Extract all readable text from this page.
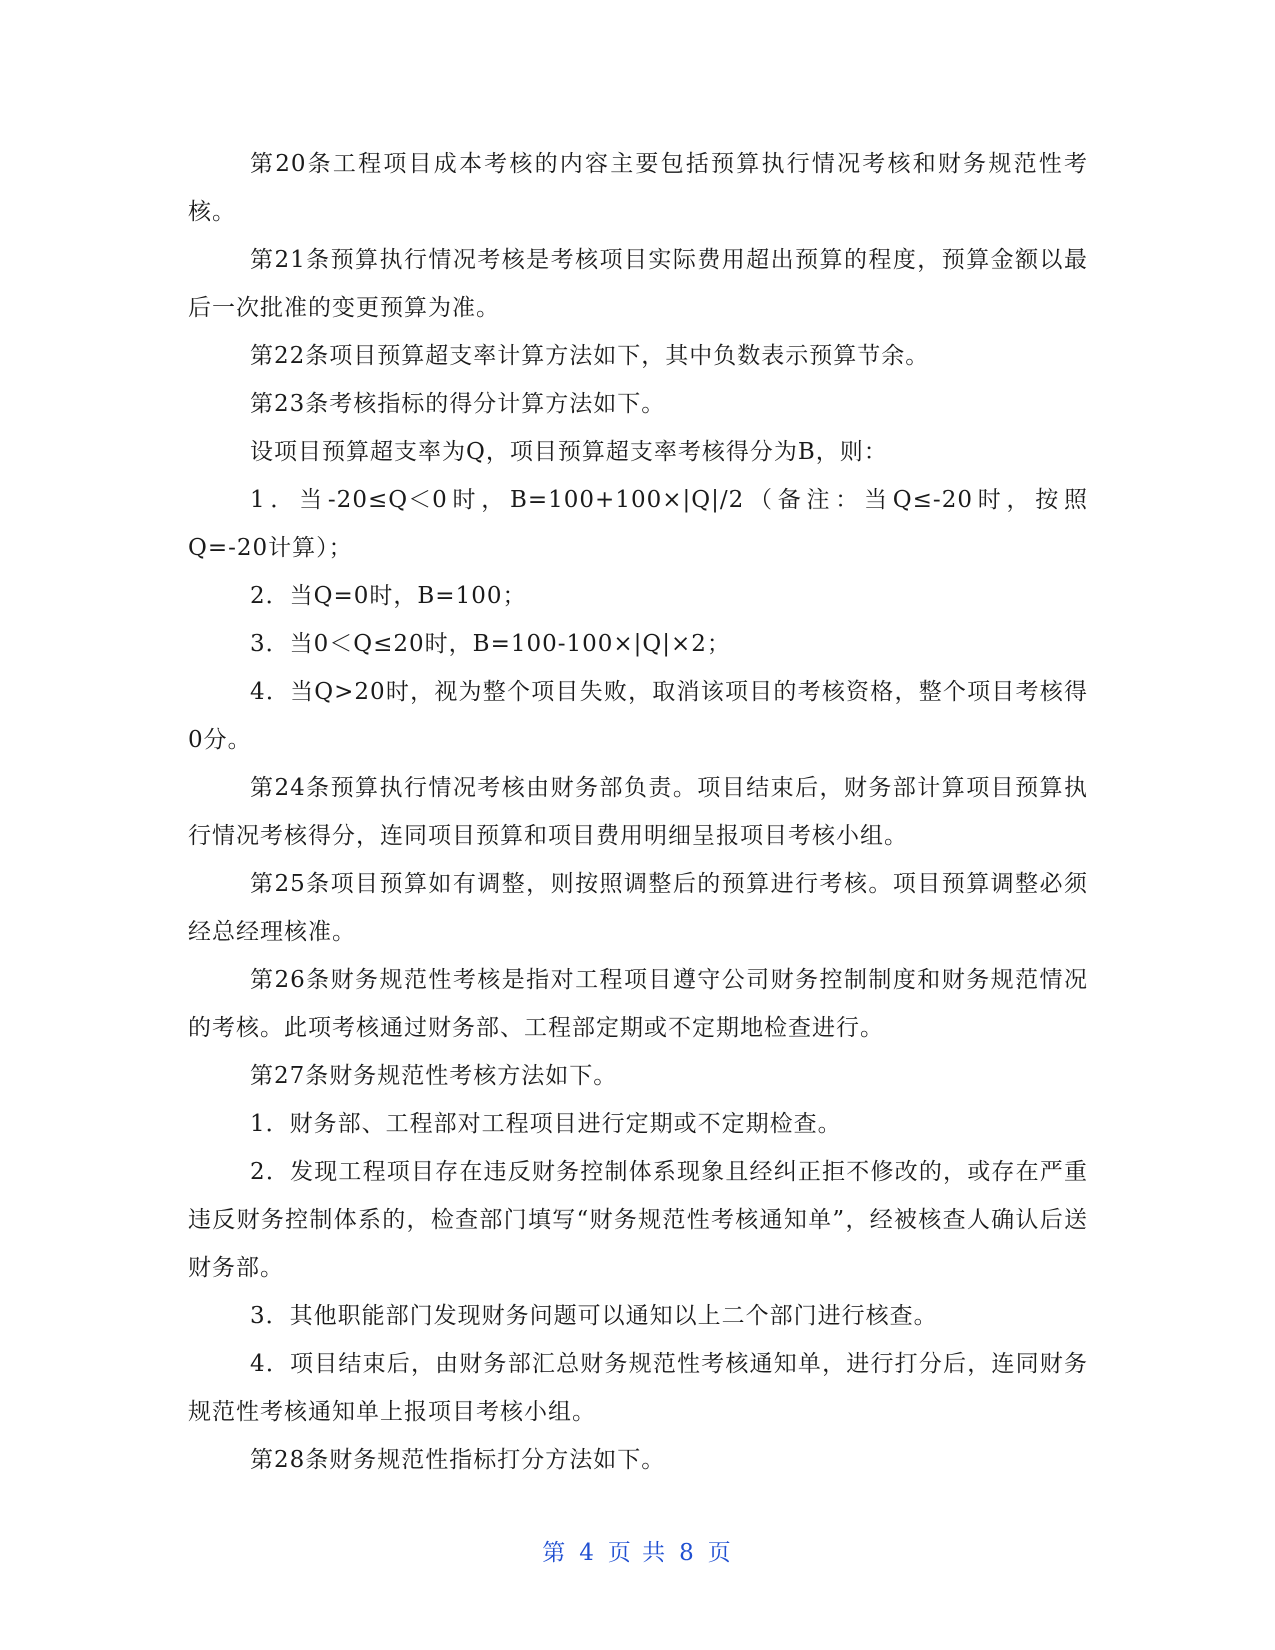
第20条工程项目成本考核的内容主要包括预算执行情况考核和财务规范性考核。

第21条预算执行情况考核是考核项目实际费用超出预算的程度，预算金额以最后一次批准的变更预算为准。

第22条项目预算超支率计算方法如下，其中负数表示预算节余。

第23条考核指标的得分计算方法如下。

设项目预算超支率为Q，项目预算超支率考核得分为B，则：

1．当-20≤Q＜0时，B=100+100×|Q|/2（备注：当Q≤-20时，按照Q=-20计算）；

2．当Q=0时，B=100；

3．当0＜Q≤20时，B=100-100×|Q|×2；

4．当Q>20时，视为整个项目失败，取消该项目的考核资格，整个项目考核得0分。

第24条预算执行情况考核由财务部负责。项目结束后，财务部计算项目预算执行情况考核得分，连同项目预算和项目费用明细呈报项目考核小组。

第25条项目预算如有调整，则按照调整后的预算进行考核。项目预算调整必须经总经理核准。

第26条财务规范性考核是指对工程项目遵守公司财务控制制度和财务规范情况的考核。此项考核通过财务部、工程部定期或不定期地检查进行。

第27条财务规范性考核方法如下。

1．财务部、工程部对工程项目进行定期或不定期检查。

2．发现工程项目存在违反财务控制体系现象且经纠正拒不修改的，或存在严重违反财务控制体系的，检查部门填写“财务规范性考核通知单”，经被核查人确认后送财务部。

3．其他职能部门发现财务问题可以通知以上二个部门进行核查。

4．项目结束后，由财务部汇总财务规范性考核通知单，进行打分后，连同财务规范性考核通知单上报项目考核小组。

第28条财务规范性指标打分方法如下。

第 4 页 共 8 页
